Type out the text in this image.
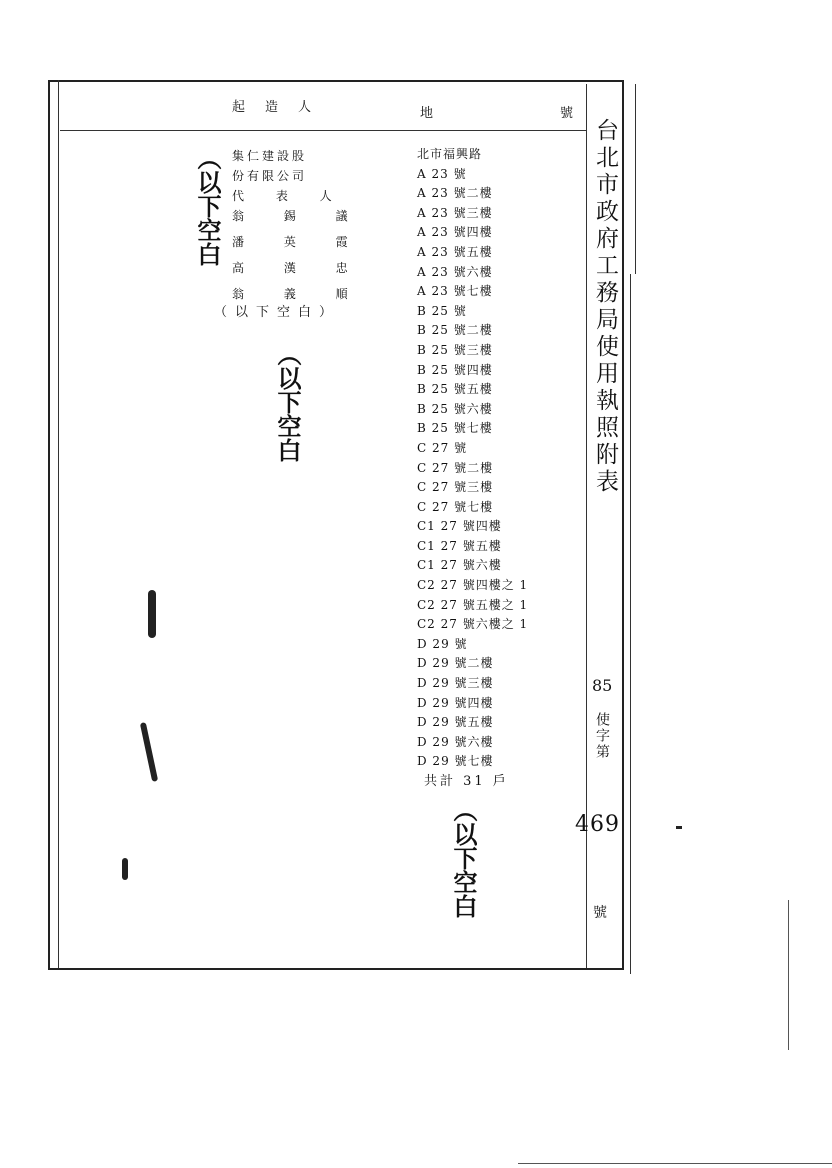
起造人	地	號
集仁建設股
份有限公司
代 表 人
翁 錫 議
潘 英 霞
高 漢 忠
翁 義 順
（以下空白）
（以下空白
（以下空白
（以下空白
北市福興路
A 23 號
A 23 號二樓
A 23 號三樓
A 23 號四樓
A 23 號五樓
A 23 號六樓
A 23 號七樓
B 25 號
B 25 號二樓
B 25 號三樓
B 25 號四樓
B 25 號五樓
B 25 號六樓
B 25 號七樓
C 27 號
C 27 號二樓
C 27 號三樓
C 27 號七樓
C1 27 號四樓
C1 27 號五樓
C1 27 號六樓
C2 27 號四樓之 1
C2 27 號五樓之 1
C2 27 號六樓之 1
D 29 號
D 29 號二樓
D 29 號三樓
D 29 號四樓
D 29 號五樓
D 29 號六樓
D 29 號七樓
共計 31 戶
台北市政府工務局使用執照附表
85
使字第
469
號
